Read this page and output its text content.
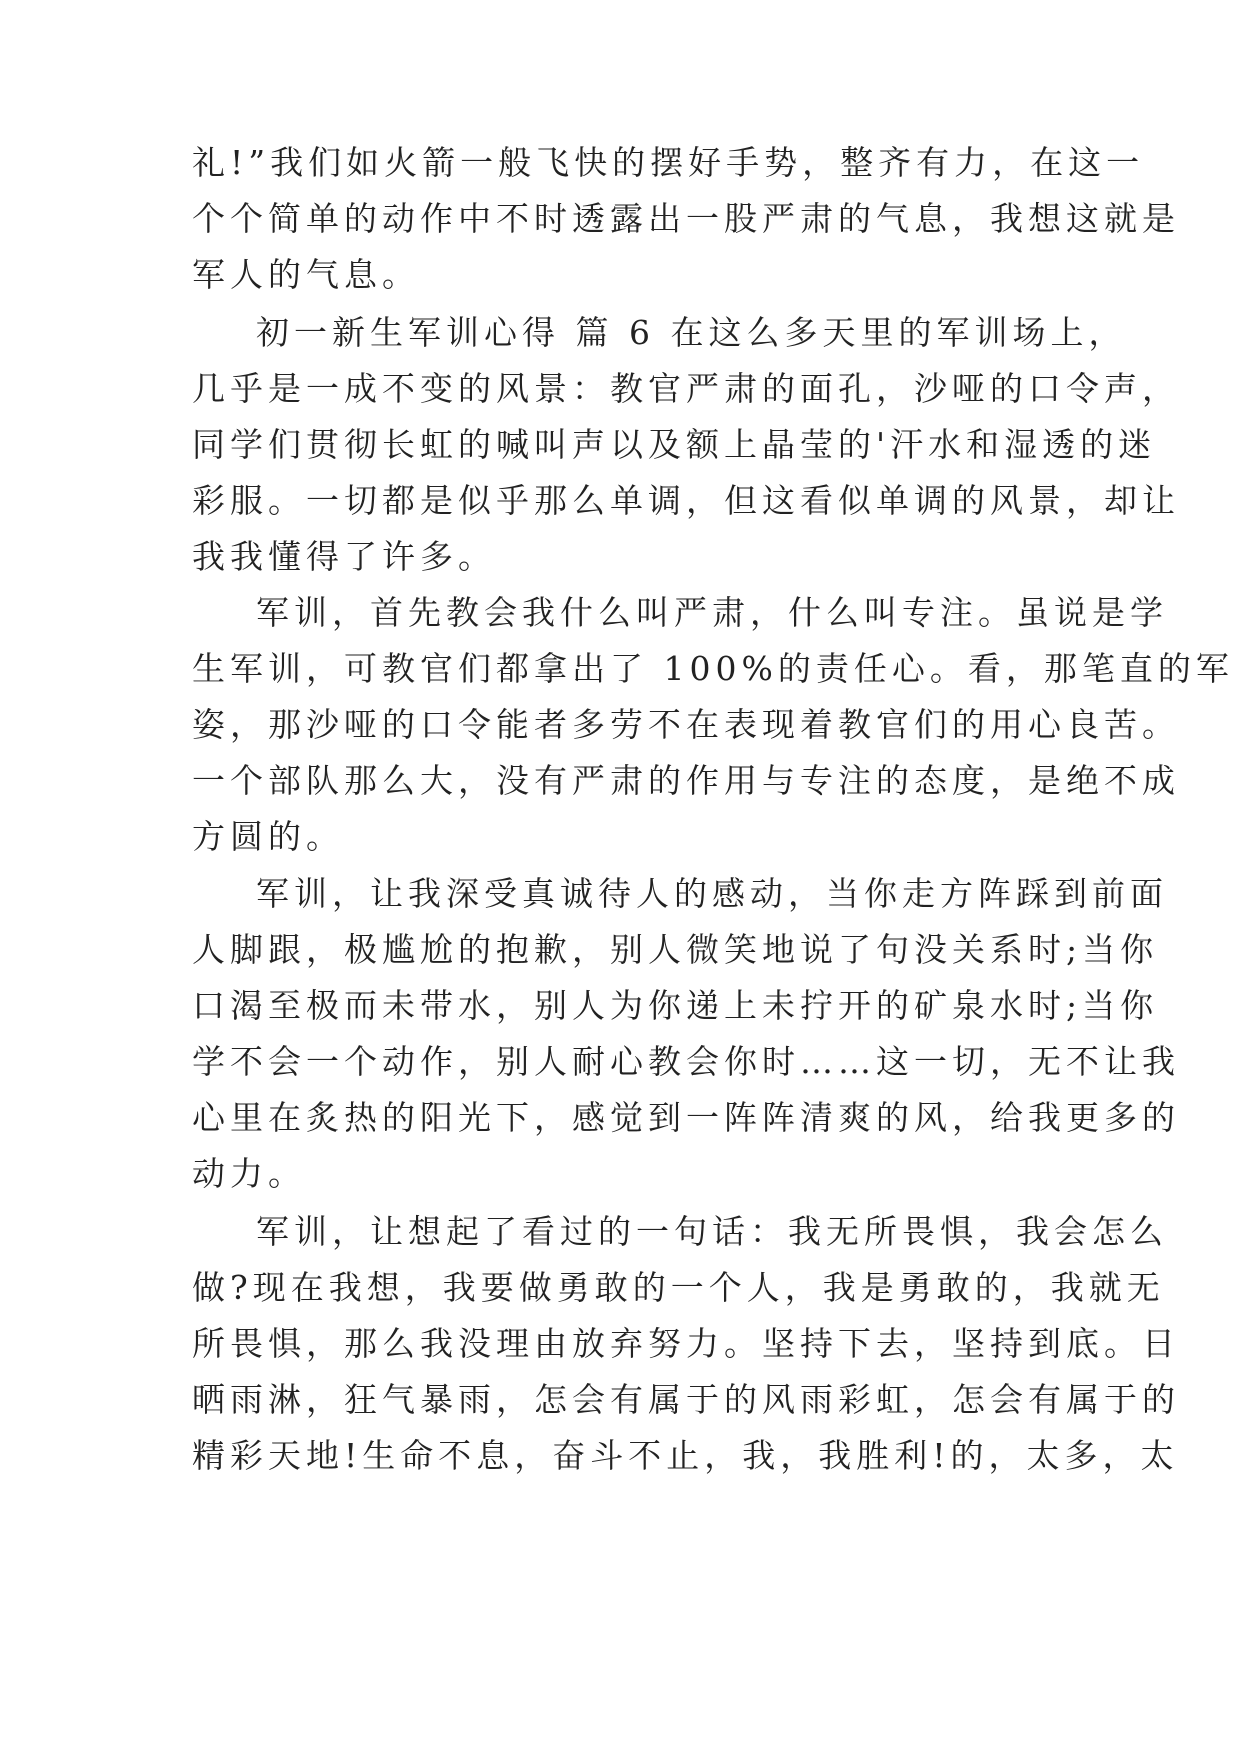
礼!”我们如火箭一般飞快的摆好手势，整齐有力，在这一
个个简单的动作中不时透露出一股严肃的气息，我想这就是
军人的气息。
初一新生军训心得 篇 6 在这么多天里的军训场上，
几乎是一成不变的风景：教官严肃的面孔，沙哑的口令声，
同学们贯彻长虹的喊叫声以及额上晶莹的'汗水和湿透的迷
彩服。一切都是似乎那么单调，但这看似单调的风景，却让
我我懂得了许多。
军训，首先教会我什么叫严肃，什么叫专注。虽说是学
生军训，可教官们都拿出了 100%的责任心。看，那笔直的军
姿，那沙哑的口令能者多劳不在表现着教官们的用心良苦。
一个部队那么大，没有严肃的作用与专注的态度，是绝不成
方圆的。
军训，让我深受真诚待人的感动，当你走方阵踩到前面
人脚跟，极尴尬的抱歉，别人微笑地说了句没关系时;当你
口渴至极而未带水，别人为你递上未拧开的矿泉水时;当你
学不会一个动作，别人耐心教会你时……这一切，无不让我
心里在炙热的阳光下，感觉到一阵阵清爽的风，给我更多的
动力。
军训，让想起了看过的一句话：我无所畏惧，我会怎么
做?现在我想，我要做勇敢的一个人，我是勇敢的，我就无
所畏惧，那么我没理由放弃努力。坚持下去，坚持到底。日
晒雨淋，狂气暴雨，怎会有属于的风雨彩虹，怎会有属于的
精彩天地!生命不息，奋斗不止，我，我胜利!的，太多，太
